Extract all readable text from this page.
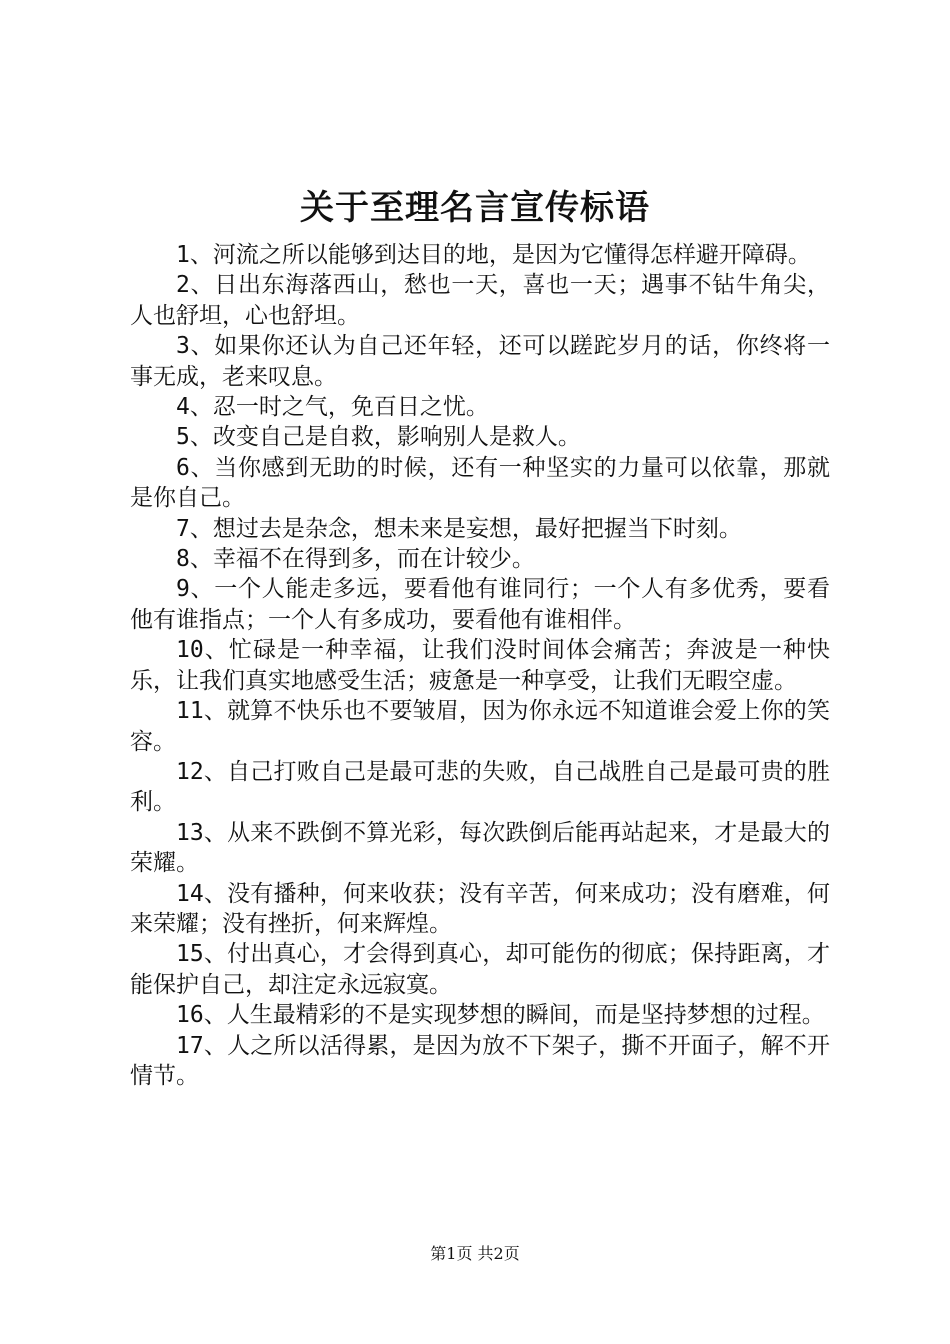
关于至理名言宣传标语

1、河流之所以能够到达目的地，是因为它懂得怎样避开障碍。

2、日出东海落西山，愁也一天，喜也一天；遇事不钻牛角尖，人也舒坦，心也舒坦。

3、如果你还认为自己还年轻，还可以蹉跎岁月的话，你终将一事无成，老来叹息。

4、忍一时之气，免百日之忧。

5、改变自己是自救，影响别人是救人。

6、当你感到无助的时候，还有一种坚实的力量可以依靠，那就是你自己。

7、想过去是杂念，想未来是妄想，最好把握当下时刻。

8、幸福不在得到多，而在计较少。

9、一个人能走多远，要看他有谁同行；一个人有多优秀，要看他有谁指点；一个人有多成功，要看他有谁相伴。

10、忙碌是一种幸福，让我们没时间体会痛苦；奔波是一种快乐，让我们真实地感受生活；疲惫是一种享受，让我们无暇空虚。

11、就算不快乐也不要皱眉，因为你永远不知道谁会爱上你的笑容。

12、自己打败自己是最可悲的失败，自己战胜自己是最可贵的胜利。

13、从来不跌倒不算光彩，每次跌倒后能再站起来，才是最大的荣耀。

14、没有播种，何来收获；没有辛苦，何来成功；没有磨难，何来荣耀；没有挫折，何来辉煌。

15、付出真心，才会得到真心，却可能伤的彻底；保持距离，才能保护自己，却注定永远寂寞。

16、人生最精彩的不是实现梦想的瞬间，而是坚持梦想的过程。

17、人之所以活得累，是因为放不下架子，撕不开面子，解不开情节。

第1页 共2页
